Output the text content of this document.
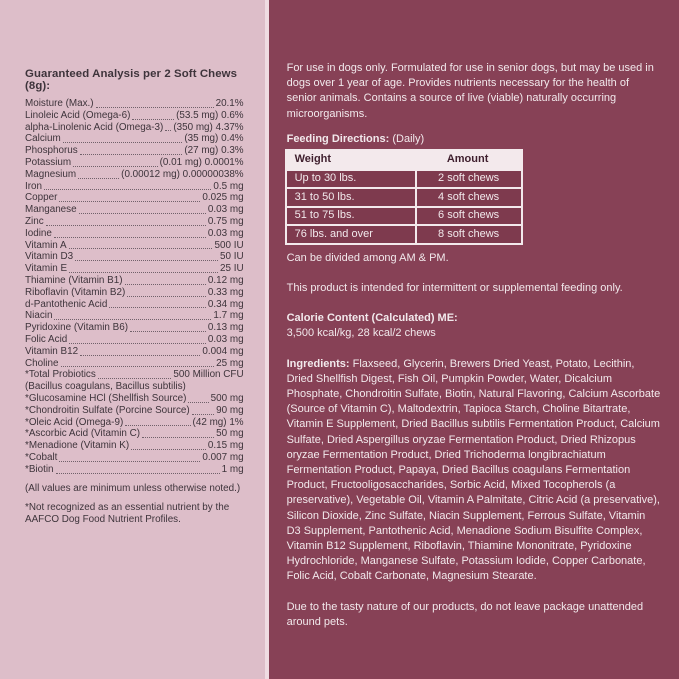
Guaranteed Analysis per 2 Soft Chews (8g):
Moisture (Max.)	20.1%
Linoleic Acid (Omega-6)	(53.5 mg) 0.6%
alpha-Linolenic Acid (Omega-3) (350 mg) 4.37%
Calcium	(35 mg) 0.4%
Phosphorus	(27 mg) 0.3%
Potassium	(0.01 mg) 0.0001%
Magnesium	(0.00012 mg) 0.00000038%
Iron	0.5 mg
Copper	0.025 mg
Manganese	0.03 mg
Zinc	0.75 mg
Iodine	0.03 mg
Vitamin A	500 IU
Vitamin D3	50 IU
Vitamin E	25 IU
Thiamine (Vitamin B1)	0.12 mg
Riboflavin (Vitamin B2)	0.33 mg
d-Pantothenic Acid	0.34 mg
Niacin	1.7 mg
Pyridoxine (Vitamin B6)	0.13 mg
Folic Acid	0.03 mg
Vitamin B12	0.004 mg
Choline	25 mg
*Total Probiotics	500 Million CFU
(Bacillus coagulans, Bacillus subtilis)
*Glucosamine HCl (Shellfish Source) 500 mg
*Chondroitin Sulfate (Porcine Source)	90 mg
*Oleic Acid (Omega-9)	(42 mg) 1%
*Ascorbic Acid (Vitamin C)	50 mg
*Menadione (Vitamin K)	0.15 mg
*Cobalt	0.007 mg
*Biotin	1 mg

(All values are minimum unless otherwise noted.)

*Not recognized as an essential nutrient by the AAFCO Dog Food Nutrient Profiles.

For use in dogs only. Formulated for use in senior dogs, but may be used in dogs over 1 year of age. Provides nutrients necessary for the health of senior animals. Contains a source of live (viable) naturally occurring microorganisms.

Feeding Directions: (Daily)
Weight	Amount
Up to 30 lbs.	2 soft chews
31 to 50 lbs.	4 soft chews
51 to 75 lbs.	6 soft chews
76 lbs. and over	8 soft chews

Can be divided among AM & PM.

This product is intended for intermittent or supplemental feeding only.

Calorie Content (Calculated) ME:

3,500 kcal/kg, 28 kcal/2 chews

Ingredients: Flaxseed, Glycerin, Brewers Dried Yeast, Potato, Lecithin, Dried Shellfish Digest, Fish Oil, Pumpkin Powder, Water, Dicalcium Phosphate, Chondroitin Sulfate, Biotin, Natural Flavoring, Calcium Ascorbate (Source of Vitamin C), Maltodextrin, Tapioca Starch, Choline Bitartrate, Vitamin E Supplement, Dried Bacillus subtilis Fermentation Product, Calcium Sulfate, Dried Aspergillus oryzae Fermentation Product, Dried Rhizopus oryzae Fermentation Product, Dried Trichoderma longibrachiatum Fermentation Product, Papaya, Dried Bacillus coagulans Fermentation Product, Fructooligosaccharides, Sorbic Acid, Mixed Tocopherols (a preservative), Vegetable Oil, Vitamin A Palmitate, Citric Acid (a preservative), Silicon Dioxide, Zinc Sulfate, Niacin Supplement, Ferrous Sulfate, Vitamin D3 Supplement, Pantothenic Acid, Menadione Sodium Bisulfite Complex, Vitamin B12 Supplement, Riboflavin, Thiamine Mononitrate, Pyridoxine Hydrochloride, Manganese Sulfate, Potassium Iodide, Copper Carbonate, Folic Acid, Cobalt Carbonate, Magnesium Stearate.

Due to the tasty nature of our products, do not leave package unattended around pets.
